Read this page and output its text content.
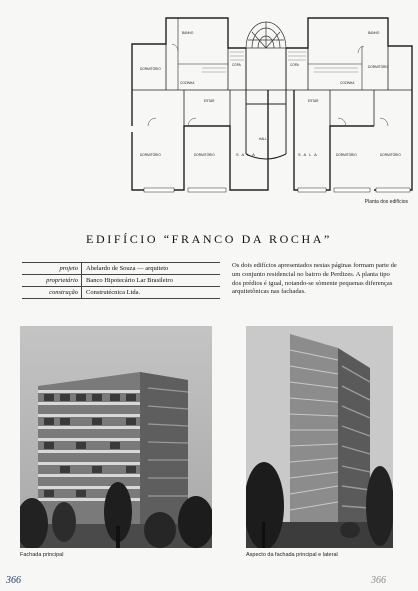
DORMITÓRIO	DORMITÓRIO
DORMITÓRIO	DORMITÓRIO	DORMITÓRIO	DORMITÓRIO
S A L A	S A L A
ESTAR	ESTAR
HALL
COZINHA	COZINHA
BANHO	BANHO
COPA	COPA
Planta dos edifícios
EDIFÍCIO “FRANCO DA ROCHA”
projeto	Abelardo de Souza — arquiteto
proprietário	Banco Hipotecário Lar Brasileiro
construção	Construtécnica Ltda.
Os dois edifícios apresentados nestas páginas formam parte de um conjunto residencial no bairro de Perdizes. A planta tipo dos prédios é igual, notando-se sòmente pequenas diferenças arquitetônicas nas fachadas.
Fachada principal	Aspecto da fachada principal e lateral
366	366
